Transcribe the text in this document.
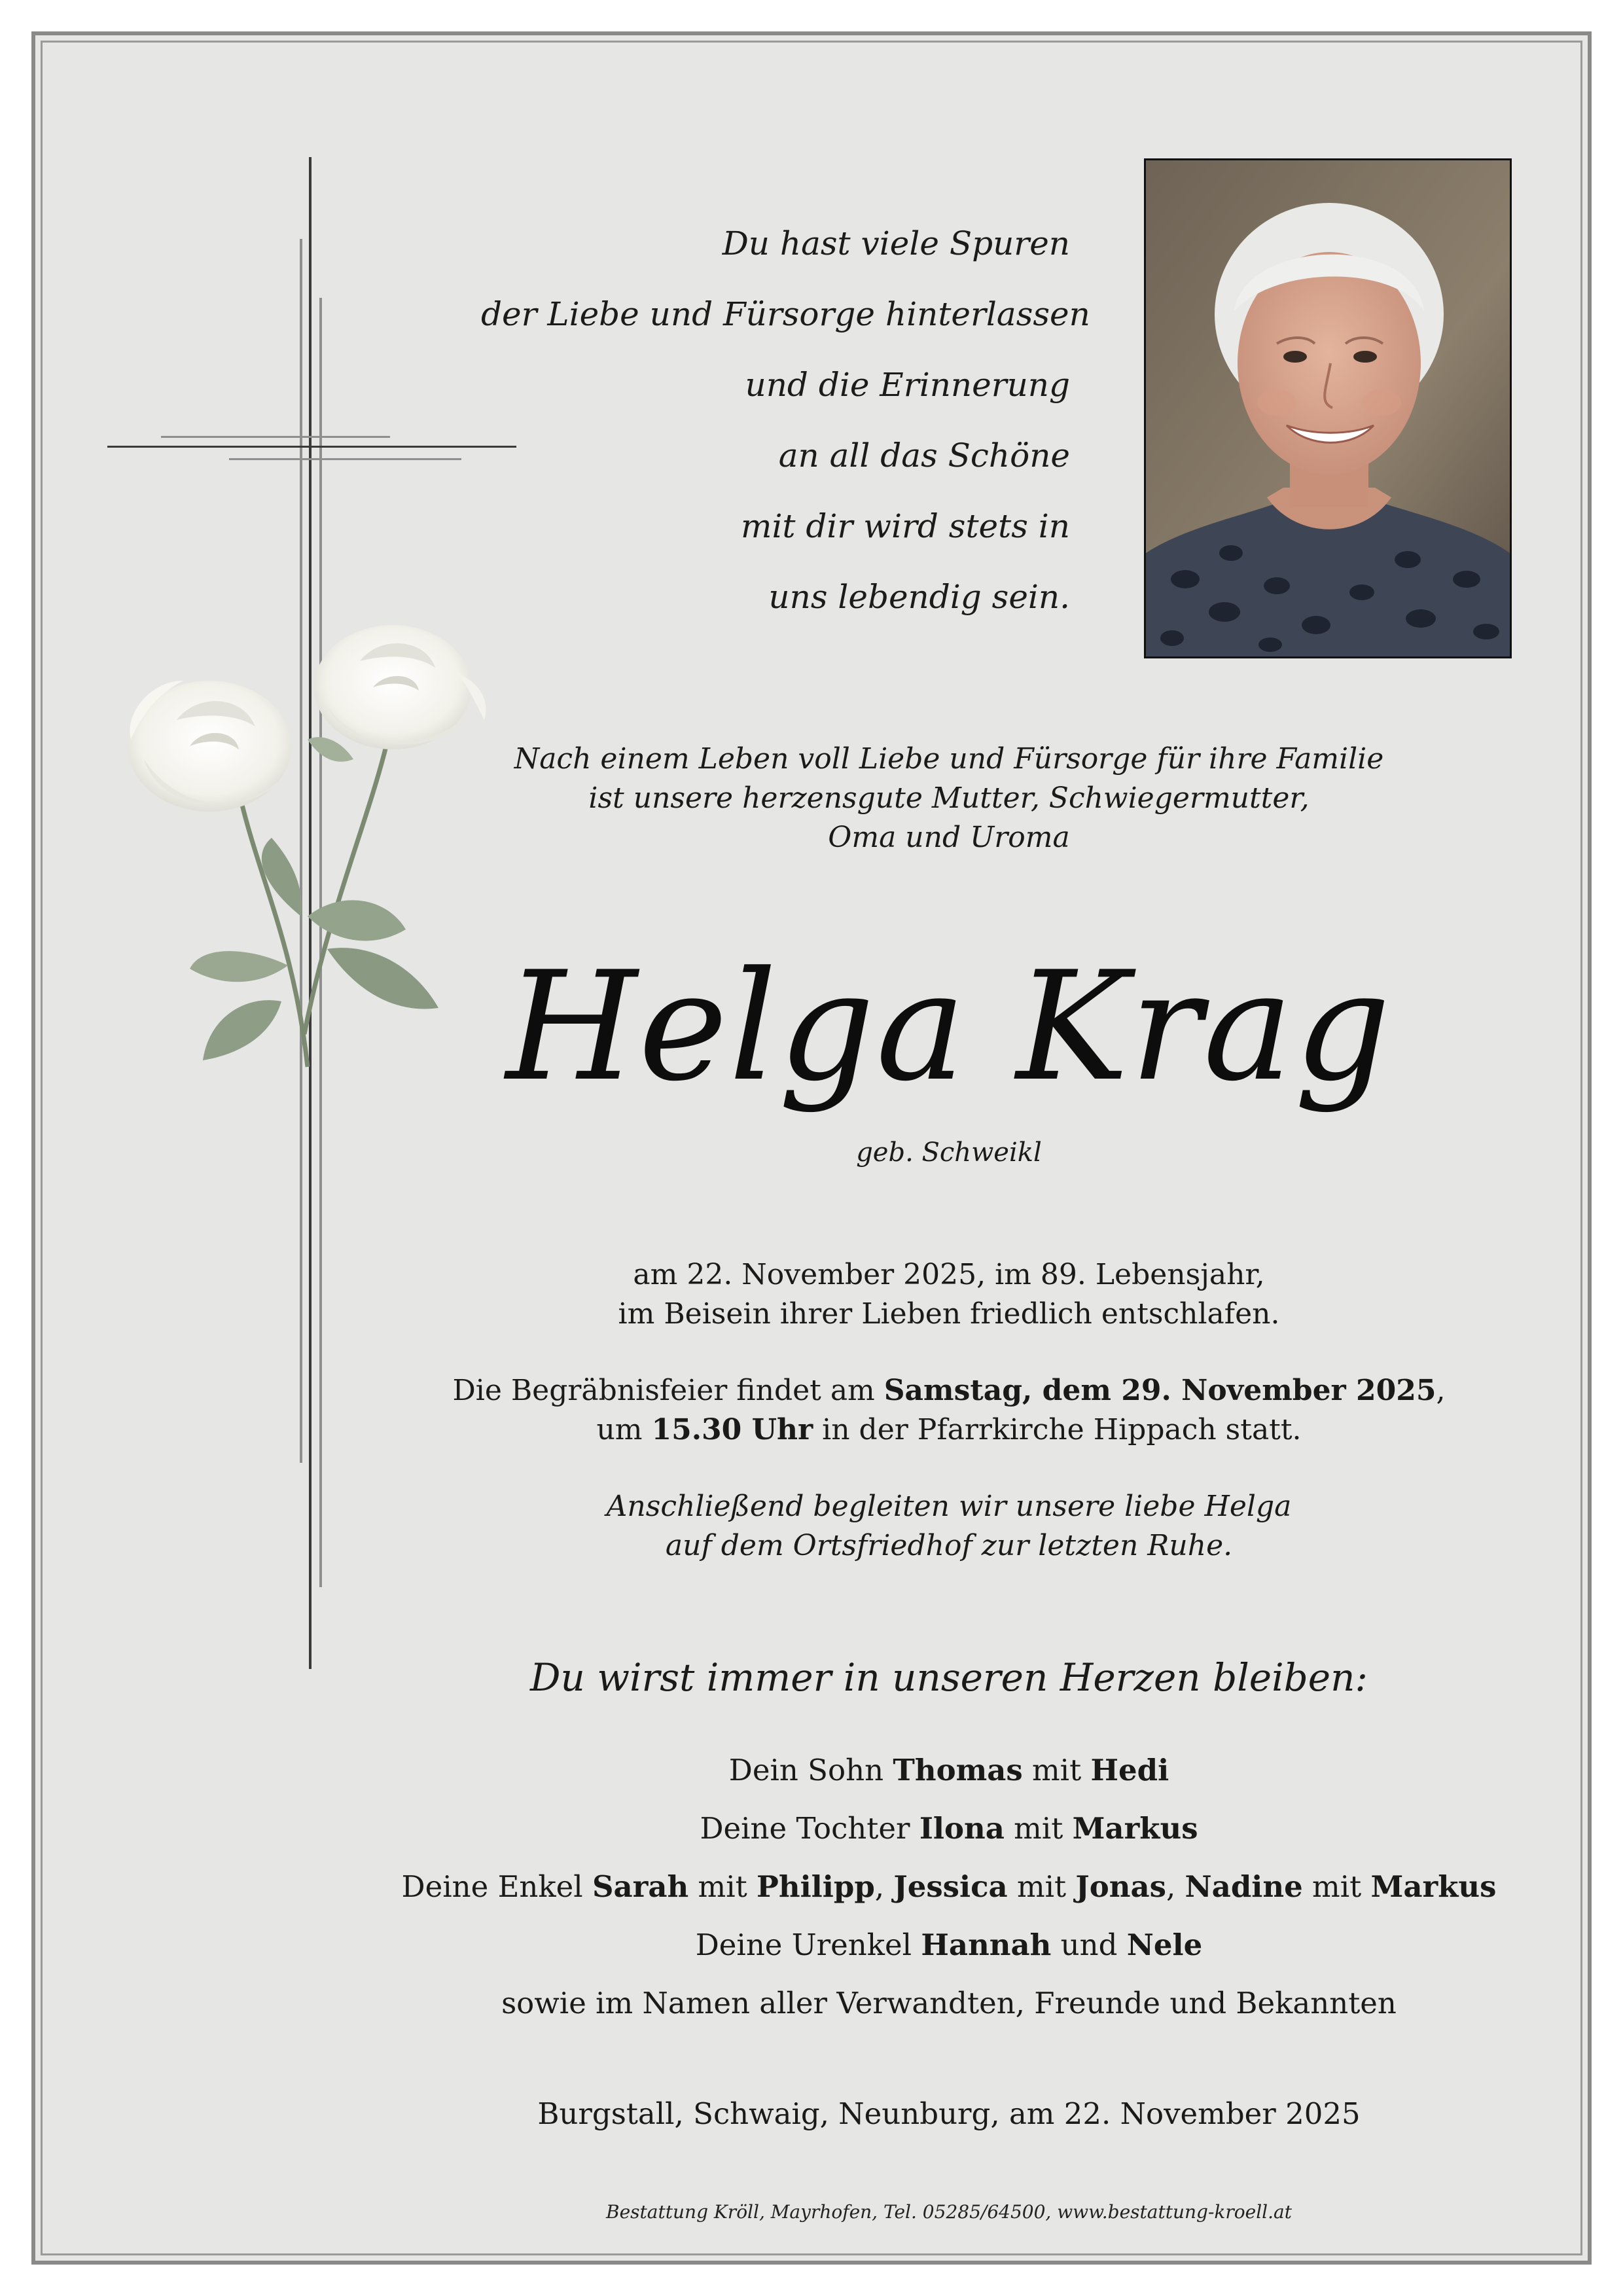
Du hast viele Spuren
der Liebe und Fürsorge hinterlassen
und die Erinnerung
an all das Schöne
mit dir wird stets in
uns lebendig sein.
Nach einem Leben voll Liebe und Fürsorge für ihre Familie
ist unsere herzensgute Mutter, Schwiegermutter,
Oma und Uroma
Helga Krag
geb. Schweikl
am 22. November 2025, im 89. Lebensjahr,
im Beisein ihrer Lieben friedlich entschlafen.
Die Begräbnisfeier findet am Samstag, dem 29. November 2025,
um 15.30 Uhr in der Pfarrkirche Hippach statt.
Anschließend begleiten wir unsere liebe Helga
auf dem Ortsfriedhof zur letzten Ruhe.
Du wirst immer in unseren Herzen bleiben:
Dein Sohn Thomas mit Hedi
Deine Tochter Ilona mit Markus
Deine Enkel Sarah mit Philipp, Jessica mit Jonas, Nadine mit Markus
Deine Urenkel Hannah und Nele
sowie im Namen aller Verwandten, Freunde und Bekannten
Burgstall, Schwaig, Neunburg, am 22. November 2025
Bestattung Kröll, Mayrhofen, Tel. 05285/64500, www.bestattung-kroell.at
